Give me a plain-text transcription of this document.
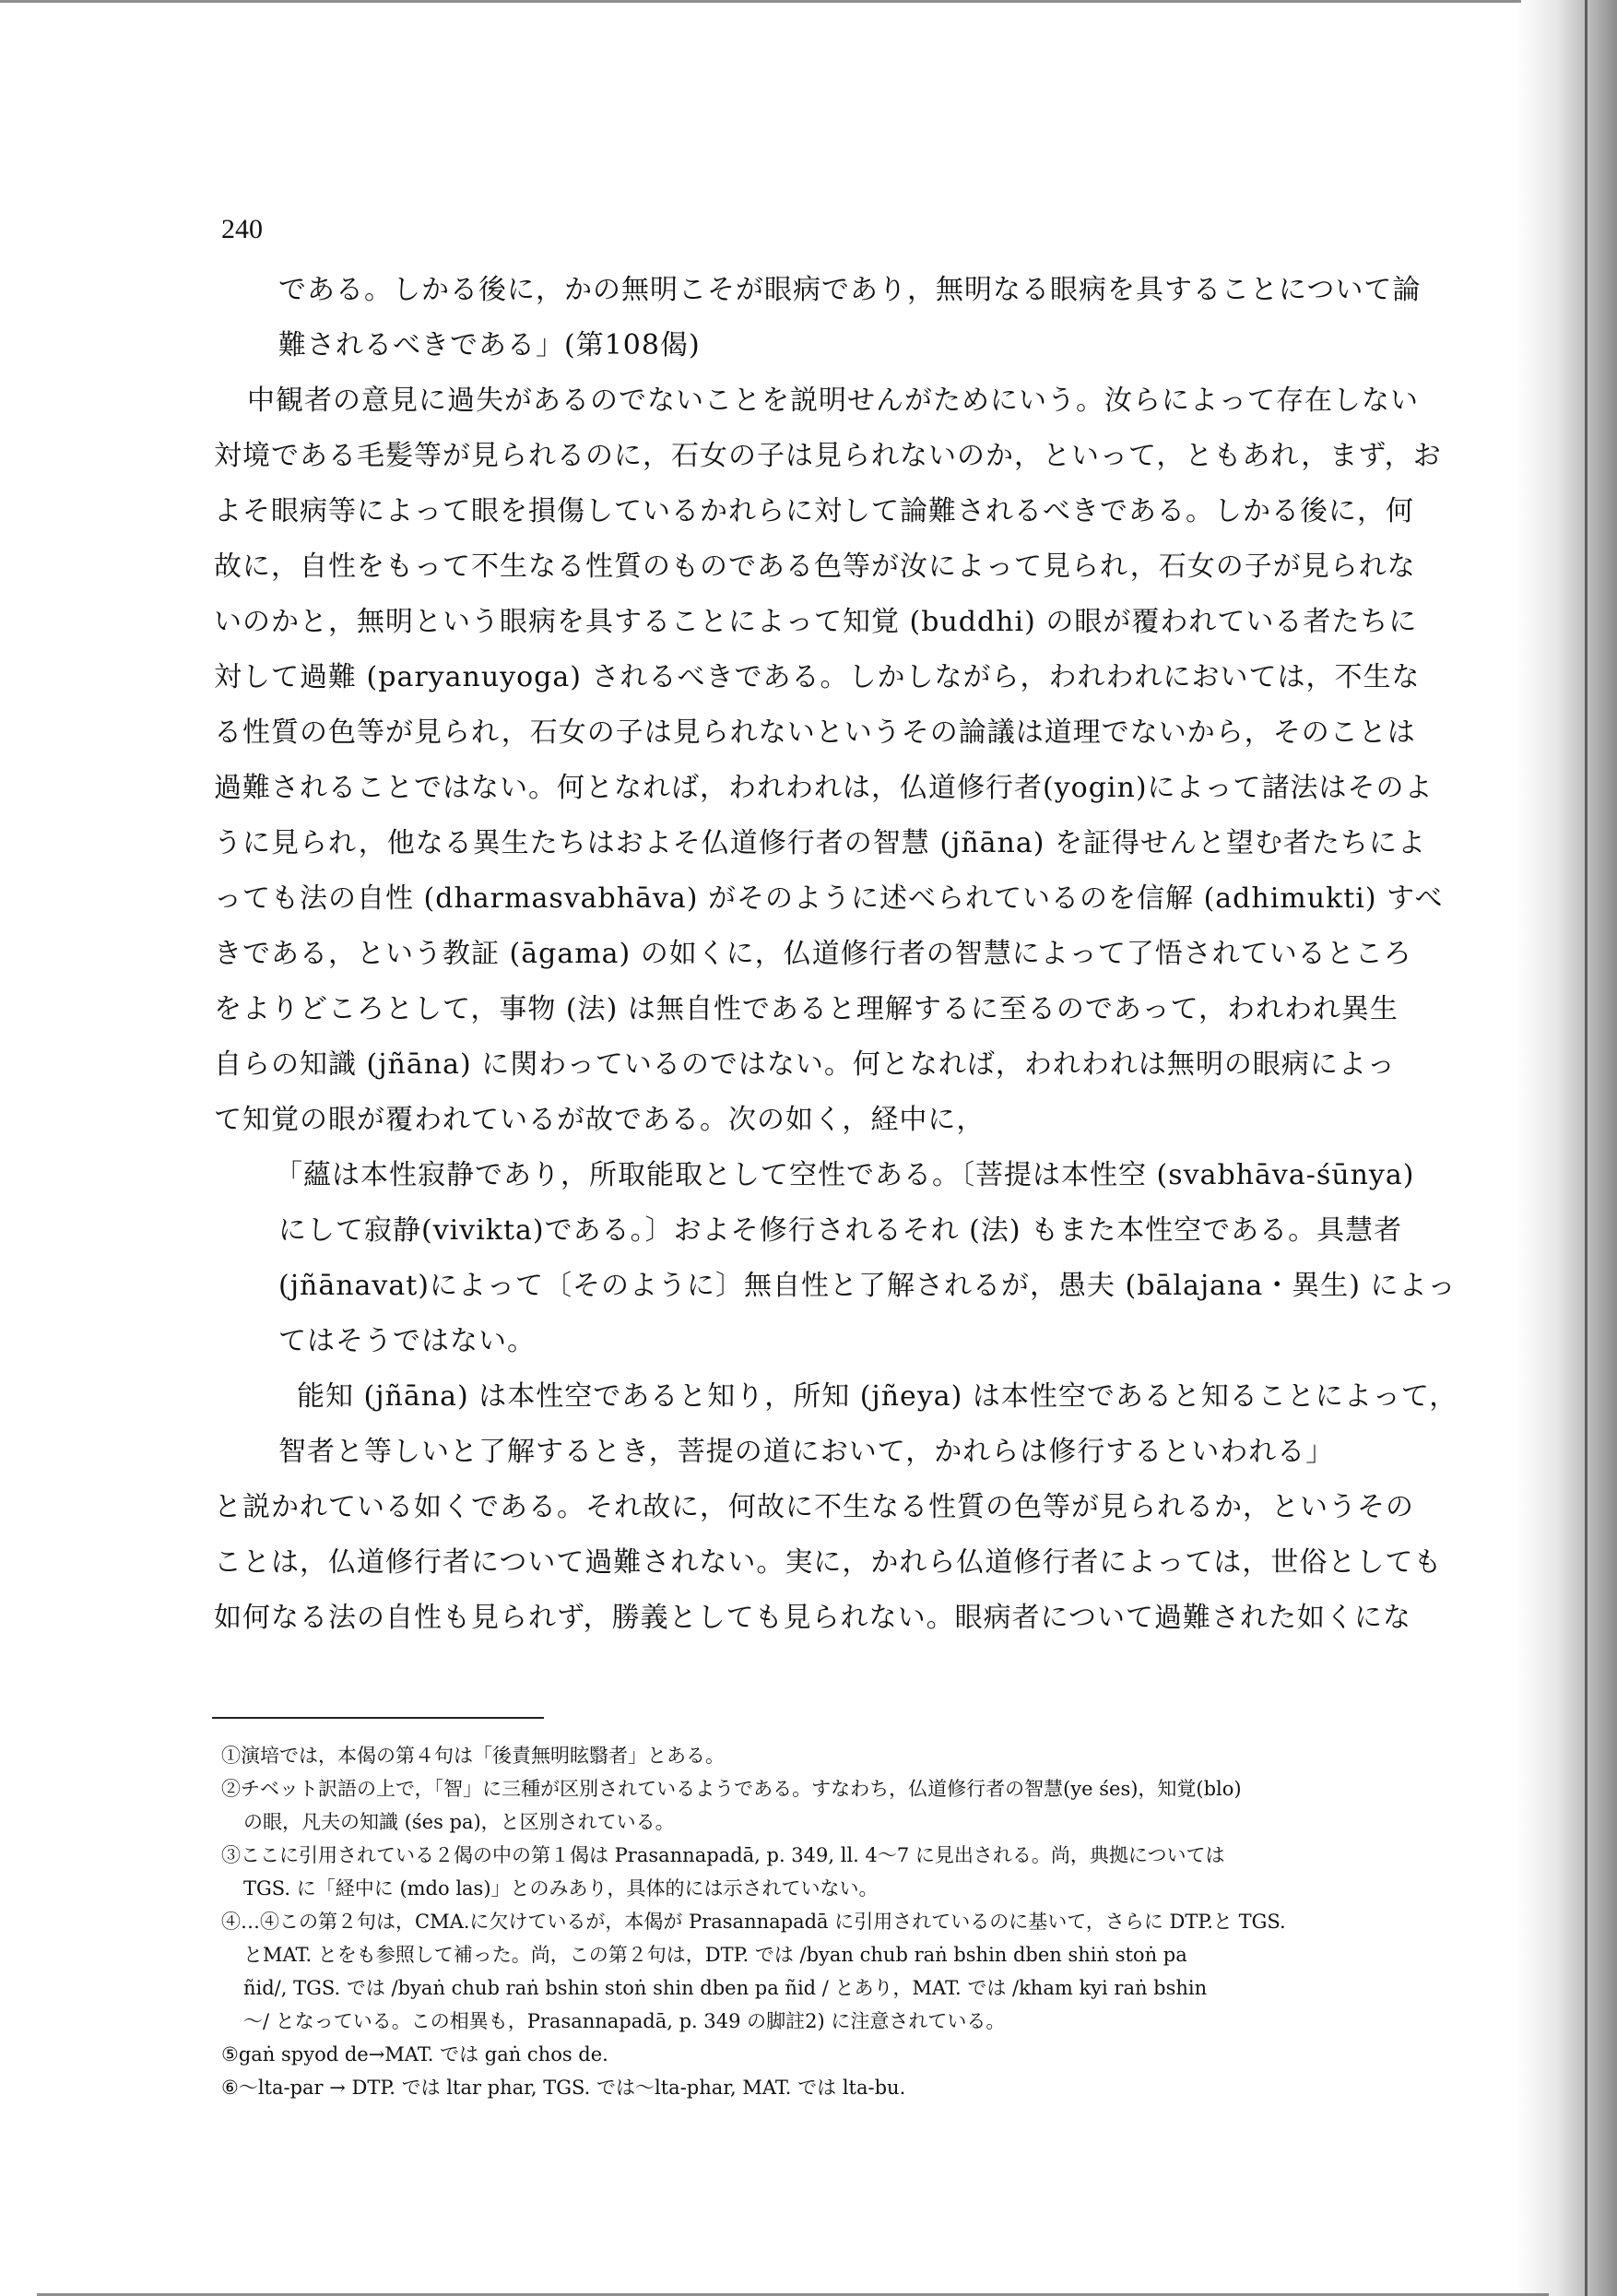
240
である。しかる後に，かの無明こそが眼病であり，無明なる眼病を具することについて論
難されるべきである」(第108偈)
中観者の意見に過失があるのでないことを説明せんがためにいう。汝らによって存在しない
対境である毛髪等が見られるのに，石女の子は見られないのか，といって，ともあれ，まず，お
よそ眼病等によって眼を損傷しているかれらに対して論難されるべきである。しかる後に，何
故に，自性をもって不生なる性質のものである色等が汝によって見られ，石女の子が見られな
いのかと，無明という眼病を具することによって知覚 (buddhi) の眼が覆われている者たちに
対して過難 (paryanuyoga) されるべきである。しかしながら，われわれにおいては，不生な
る性質の色等が見られ，石女の子は見られないというその論議は道理でないから，そのことは
過難されることではない。何となれば，われわれは，仏道修行者(yogin)によって諸法はそのよ
うに見られ，他なる異生たちはおよそ仏道修行者の智慧 (jñāna) を証得せんと望む者たちによ
っても法の自性 (dharmasvabhāva) がそのように述べられているのを信解 (adhimukti) すべ
きである，という教証 (āgama) の如くに，仏道修行者の智慧によって了悟されているところ
をよりどころとして，事物 (法) は無自性であると理解するに至るのであって，われわれ異生
自らの知識 (jñāna) に関わっているのではない。何となれば，われわれは無明の眼病によっ
て知覚の眼が覆われているが故である。次の如く，経中に，
「蘊は本性寂静であり，所取能取として空性である。〔菩提は本性空 (svabhāva-śūnya)
にして寂静(vivikta)である。〕およそ修行されるそれ (法) もまた本性空である。具慧者
(jñānavat)によって〔そのように〕無自性と了解されるが，愚夫 (bālajana・異生) によっ
てはそうではない。
能知 (jñāna) は本性空であると知り，所知 (jñeya) は本性空であると知ることによって，
智者と等しいと了解するとき，菩提の道において，かれらは修行するといわれる」
と説かれている如くである。それ故に，何故に不生なる性質の色等が見られるか，というその
ことは，仏道修行者について過難されない。実に，かれら仏道修行者によっては，世俗としても
如何なる法の自性も見られず，勝義としても見られない。眼病者について過難された如くにな
①演培では，本偈の第４句は「後責無明眩翳者」とある。
②チベット訳語の上で，「智」に三種が区別されているようである。すなわち，仏道修行者の智慧(ye śes)，知覚(blo)
の眼，凡夫の知識 (śes pa)，と区別されている。
③ここに引用されている２偈の中の第１偈は Prasannapadā, p. 349, ll. 4～7 に見出される。尚，典拠については
TGS. に「経中に (mdo las)」とのみあり，具体的には示されていない。
④…④この第２句は，CMA.に欠けているが，本偈が Prasannapadā に引用されているのに基いて，さらに DTP.と TGS.
とMAT. とをも参照して補った。尚，この第２句は，DTP. では /byan chub raṅ bshin dben shiṅ stoṅ pa
ñid/, TGS. では /byaṅ chub raṅ bshin stoṅ shin dben pa ñid / とあり，MAT. では /kham kyi raṅ bshin
～/ となっている。この相異も，Prasannapadā, p. 349 の脚註2) に注意されている。
⑤gaṅ spyod de→MAT. では gaṅ chos de.
⑥～lta-par → DTP. では ltar phar, TGS. では～lta-phar, MAT. では lta-bu.
